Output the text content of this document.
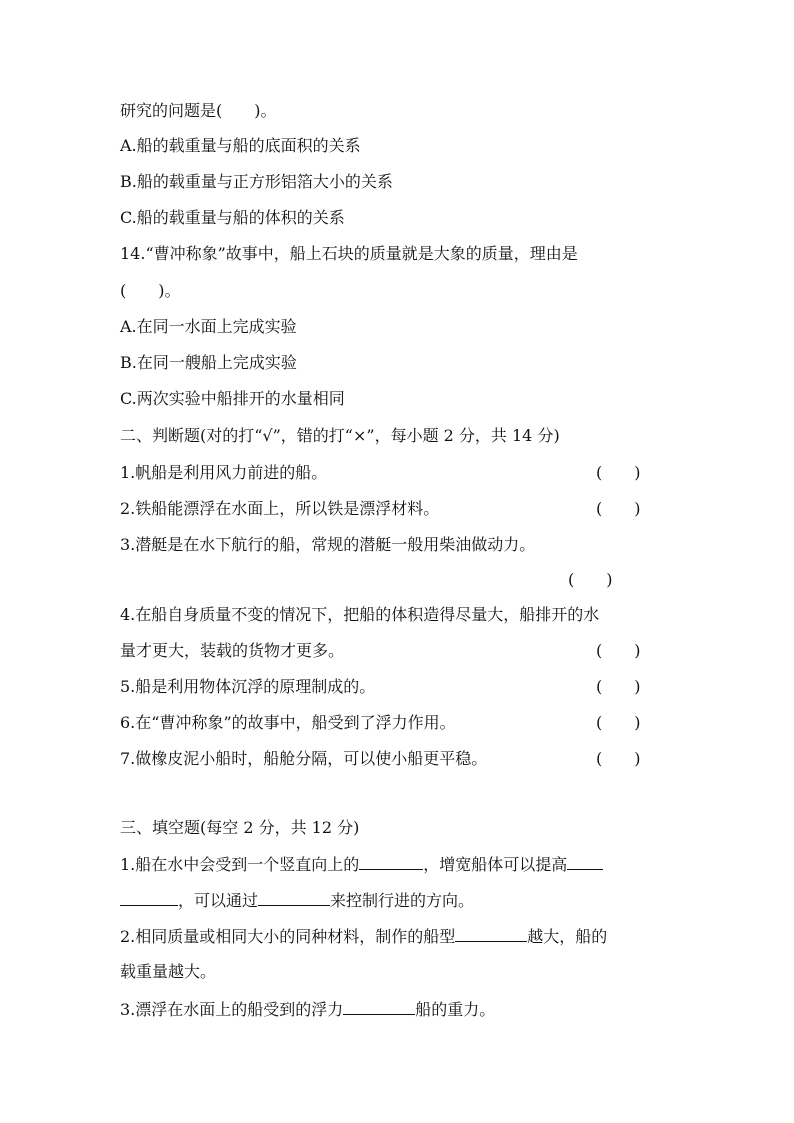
研究的问题是(　　)。
A.船的载重量与船的底面积的关系
B.船的载重量与正方形铝箔大小的关系
C.船的载重量与船的体积的关系
14.“曹冲称象”故事中，船上石块的质量就是大象的质量，理由是
(　　)。
A.在同一水面上完成实验
B.在同一艘船上完成实验
C.两次实验中船排开的水量相同
二、判断题(对的打“√”，错的打“×”，每小题 2 分，共 14 分)
1.帆船是利用风力前进的船。	(　　)
2.铁船能漂浮在水面上，所以铁是漂浮材料。	(　　)
3.潜艇是在水下航行的船，常规的潜艇一般用柴油做动力。
(　　)
4.在船自身质量不变的情况下，把船的体积造得尽量大，船排开的水
量才更大，装载的货物才更多。	(　　)
5.船是利用物体沉浮的原理制成的。	(　　)
6.在“曹冲称象”的故事中，船受到了浮力作用。	(　　)
7.做橡皮泥小船时，船舱分隔，可以使小船更平稳。	(　　)
三、填空题(每空 2 分，共 12 分)
1.船在水中会受到一个竖直向上的	，增宽船体可以提高
，可以通过	来控制行进的方向。
2.相同质量或相同大小的同种材料，制作的船型	越大，船的
载重量越大。
3.漂浮在水面上的船受到的浮力	船的重力。
